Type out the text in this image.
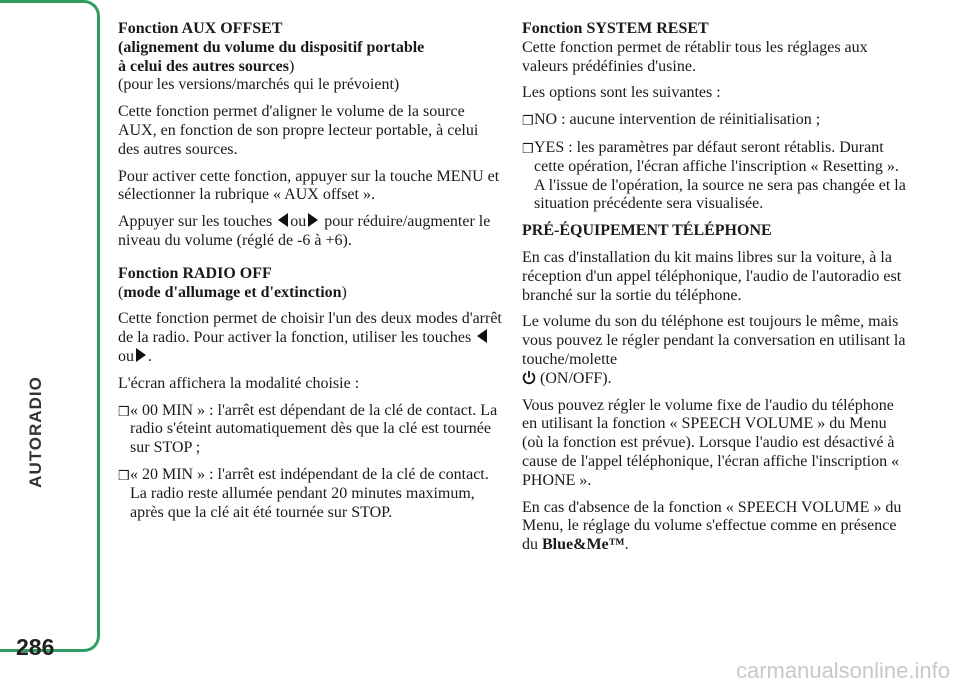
AUTORADIO
286
Fonction AUX OFFSET
(alignement du volume du dispositif portable

à celui des autres sources)

(pour les versions/marchés qui le prévoient)

Cette fonction permet d'aligner le volume de la source AUX, en fonction de son propre lecteur portable, à celui des autres sources.

Pour activer cette fonction, appuyer sur la touche MENU et sélectionner la rubrique « AUX offset ».

Appuyer sur les touches ou pour réduire/augmenter le niveau du volume (réglé de -6 à +6).

Fonction RADIO OFF

(mode d'allumage et d'extinction)

Cette fonction permet de choisir l'un des deux modes d'arrêt de la radio. Pour activer la fonction, utiliser les touches ou .

L'écran affichera la modalité choisie :

❒ « 00 MIN » : l'arrêt est dépendant de la clé de contact. La radio s'éteint automatiquement dès que la clé est tournée sur STOP ;
❒ « 20 MIN » : l'arrêt est indépendant de la clé de contact. La radio reste allumée pendant 20 minutes maximum, après que la clé ait été tournée sur STOP.
Fonction SYSTEM RESET

Cette fonction permet de rétablir tous les réglages aux valeurs prédéfinies d'usine.

Les options sont les suivantes :

❒ NO : aucune intervention de réinitialisation ;
❒ YES : les paramètres par défaut seront rétablis. Durant cette opération, l'écran affiche l'inscription « Resetting ». A l'issue de l'opération, la source ne sera pas changée et la situation précédente sera visualisée.
PRÉ-ÉQUIPEMENT TÉLÉPHONE

En cas d'installation du kit mains libres sur la voiture, à la réception d'un appel téléphonique, l'audio de l'autoradio est branché sur la sortie du téléphone.

Le volume du son du téléphone est toujours le même, mais vous pouvez le régler pendant la conversation en utilisant la touche/molette
(ON/OFF).

Vous pouvez régler le volume fixe de l'audio du téléphone en utilisant la fonction « SPEECH VOLUME » du Menu (où la fonction est prévue). Lorsque l'audio est désactivé à cause de l'appel téléphonique, l'écran affiche l'inscription « PHONE ».

En cas d'absence de la fonction « SPEECH VOLUME » du Menu, le réglage du volume s'effectue comme en présence du Blue&Me™.

carmanualsonline.info
